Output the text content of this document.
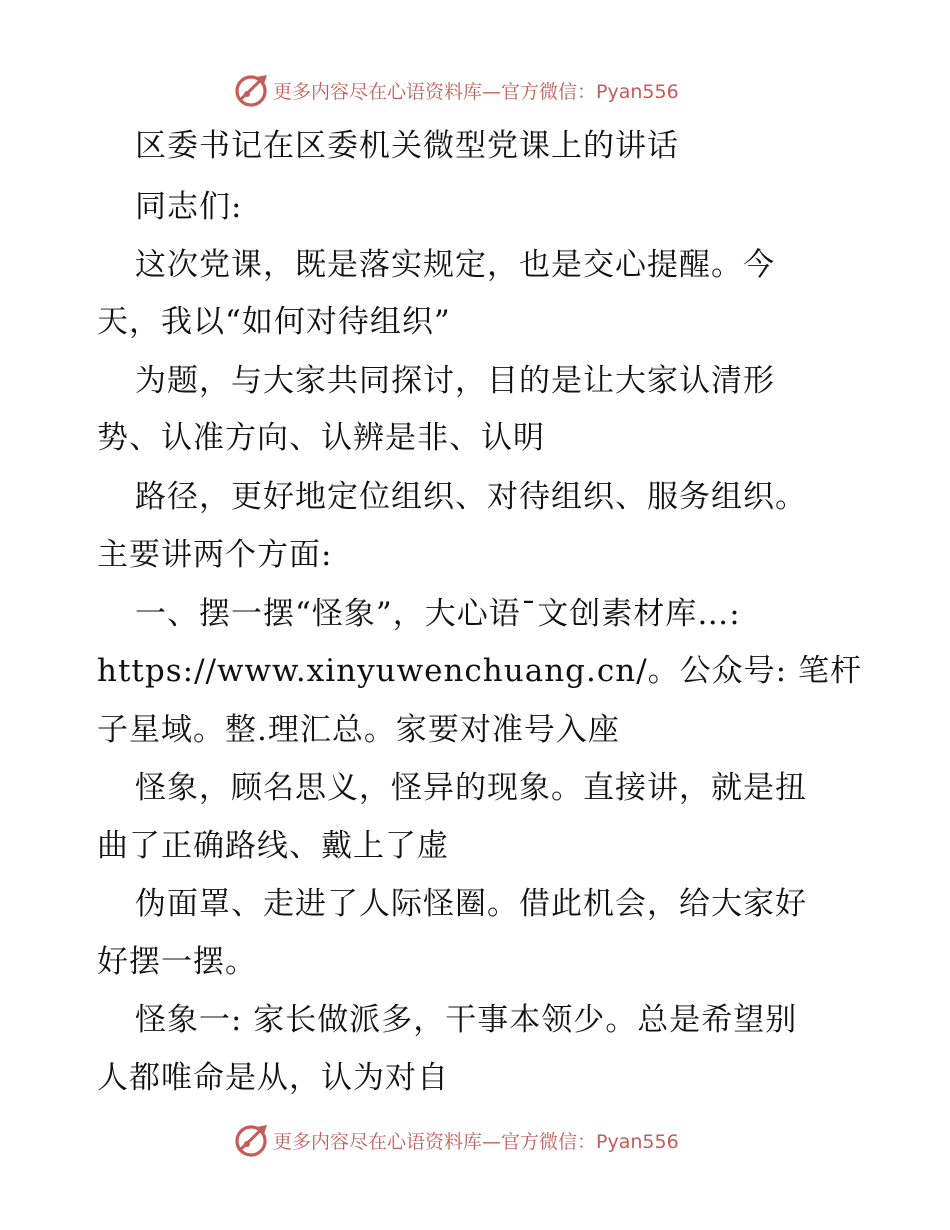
更多内容尽在心语资料库—官方微信：Pyan556
区委书记在区委机关微型党课上的讲话
同志们:
这次党课，既是落实规定，也是交心提醒。今
天，我以“如何对待组织”
为题，与大家共同探讨，目的是让大家认清形
势、认准方向、认辨是非、认明
路径，更好地定位组织、对待组织、服务组织。
主要讲两个方面:
一、摆一摆“怪象”，大心语¯文创素材库…:
https://www.xinyuwenchuang.cn/。公众号: 笔杆
子星域。整.理汇总。家要对准号入座
怪象，顾名思义，怪异的现象。直接讲，就是扭
曲了正确路线、戴上了虚
伪面罩、走进了人际怪圈。借此机会，给大家好
好摆一摆。
怪象一: 家长做派多，干事本领少。总是希望别
人都唯命是从，认为对自
更多内容尽在心语资料库—官方微信：Pyan556
